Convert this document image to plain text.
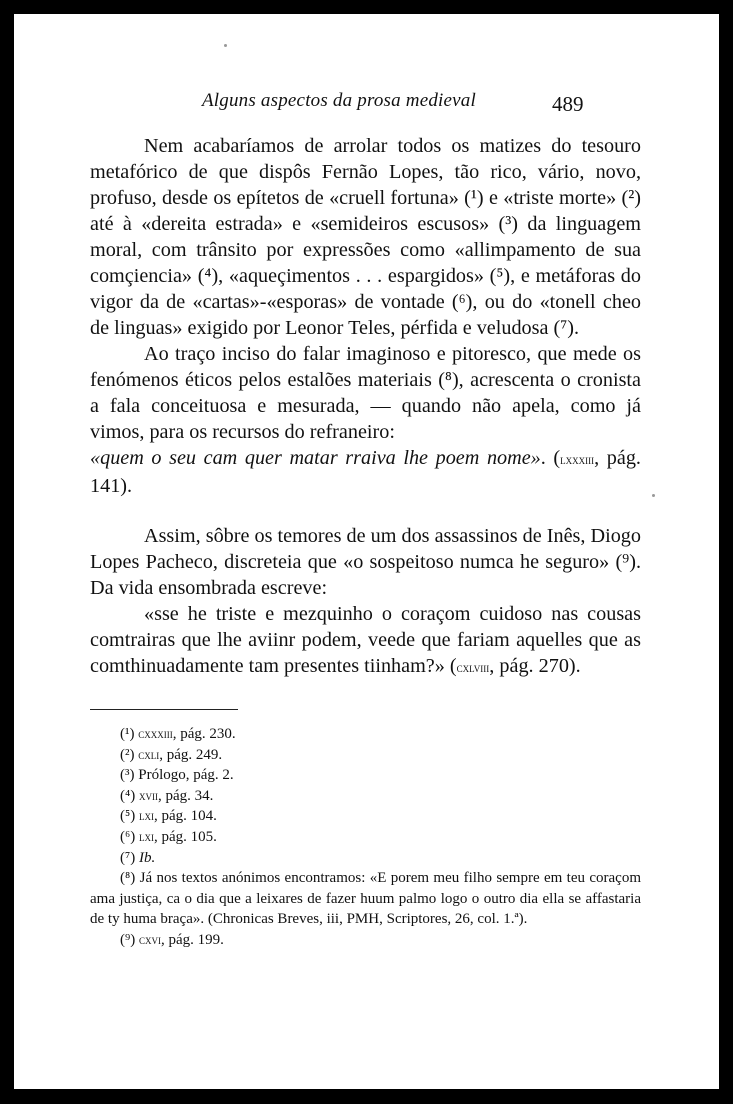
Alguns aspectos da prosa medieval	489

Nem acabaríamos de arrolar todos os matizes do tesouro metafórico de que dispôs Fernão Lopes, tão rico, vário, novo, profuso, desde os epítetos de «cruell fortuna» (¹) e «triste morte» (²) até à «dereita estrada» e «semideiros escusos» (³) da linguagem moral, com trânsito por expressões como «allimpamento de sua comçiencia» (⁴), «aqueçimentos . . . espargidos» (⁵), e metáforas do vigor da de «cartas»-«esporas» de vontade (⁶), ou do «tonell cheo de linguas» exigido por Leonor Teles, pérfida e veludosa (⁷).

Ao traço inciso do falar imaginoso e pitoresco, que mede os fenómenos éticos pelos estalões materiais (⁸), acrescenta o cronista a fala conceituosa e mesurada, — quando não apela, como já vimos, para os recursos do refraneiro:

«quem o seu cam quer matar rraiva lhe poem nome». (lxxxiii, pág. 141).

Assim, sôbre os temores de um dos assassinos de Inês, Diogo Lopes Pacheco, discreteia que «o sospeitoso numca he seguro» (⁹). Da vida ensombrada escreve:

«sse he triste e mezquinho o coraçom cuidoso nas cousas comtrairas que lhe aviinr podem, veede que fariam aquelles que as comthinuadamente tam presentes tiinham?» (cxlviii, pág. 270).

(¹) cxxxiii, pág. 230.
(²) cxli, pág. 249.
(³) Prólogo, pág. 2.
(⁴) xvii, pág. 34.
(⁵) lxi, pág. 104.
(⁶) lxi, pág. 105.
(⁷) Ib.
(⁸) Já nos textos anónimos encontramos: «E porem meu filho sempre em teu coraçom ama justiça, ca o dia que a leixares de fazer huum palmo logo o outro dia ella se affastaria de ty huma braça». (Chronicas Breves, iii, PMH, Scriptores, 26, col. 1.ª).
(⁹) cxvi, pág. 199.
